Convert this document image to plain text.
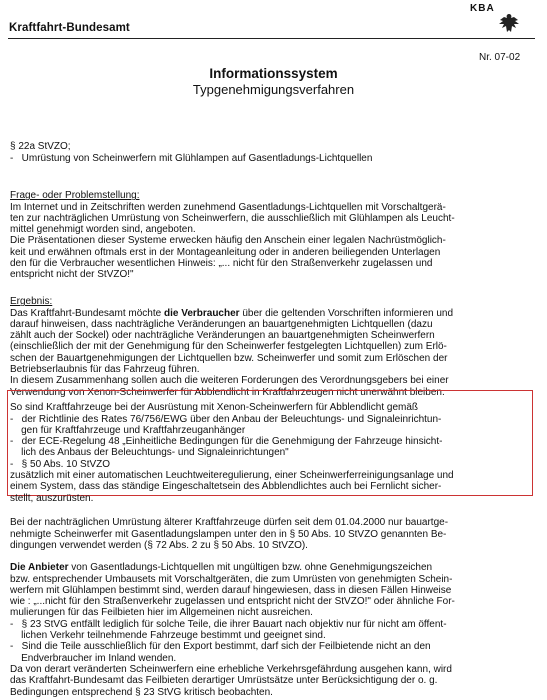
Kraftfahrt-Bundesamt
KBA
Nr. 07-02
Informationssystem
Typgenehmigungsverfahren

§ 22a StVZO;
-   Umrüstung von Scheinwerfern mit Glühlampen auf Gasentladungs-Lichtquellen

Frage- oder Problemstellung:
Im Internet und in Zeitschriften werden zunehmend Gasentladungs-Lichtquellen mit Vorschaltgerä-
ten zur nachträglichen Umrüstung von Scheinwerfern, die ausschließlich mit Glühlampen als Leucht-
mittel genehmigt worden sind, angeboten.
Die Präsentationen dieser Systeme erwecken häufig den Anschein einer legalen Nachrüstmöglich-
keit und erwähnen oftmals erst in der Montageanleitung oder in anderen beiliegenden Unterlagen
den für die Verbraucher wesentlichen Hinweis: „... nicht für den Straßenverkehr zugelassen und
entspricht nicht der StVZO!"

Ergebnis:
Das Kraftfahrt-Bundesamt möchte die Verbraucher über die geltenden Vorschriften informieren und
darauf hinweisen, dass nachträgliche Veränderungen an bauartgenehmigten Lichtquellen (dazu
zählt auch der Sockel) oder nachträgliche Veränderungen an bauartgenehmigten Scheinwerfern
(einschließlich der mit der Genehmigung für den Scheinwerfer festgelegten Lichtquellen) zum Erlö-
schen der Bauartgenehmigungen der Lichtquellen bzw. Scheinwerfer und somit zum Erlöschen der
Betriebserlaubnis für das Fahrzeug führen.
In diesem Zusammenhang sollen auch die weiteren Forderungen des Verordnungsgebers bei einer
Verwendung von Xenon-Scheinwerfer für Abblendlicht in Kraftfahrzeugen nicht unerwähnt bleiben.

So sind Kraftfahrzeuge bei der Ausrüstung mit Xenon-Scheinwerfern für Abblendlicht gemäß
-   der Richtlinie des Rates 76/756/EWG über den Anbau der Beleuchtungs- und Signaleinrichtun-
gen für Kraftfahrzeuge und Kraftfahrzeuganhänger
-   der ECE-Regelung 48 „Einheitliche Bedingungen für die Genehmigung der Fahrzeuge hinsicht-
lich des Anbaus der Beleuchtungs- und Signaleinrichtungen"
-   § 50 Abs. 10 StVZO
zusätzlich mit einer automatischen Leuchtweiteregulierung, einer Scheinwerferreinigungsanlage und
einem System, dass das ständige Eingeschaltetsein des Abblendlichtes auch bei Fernlicht sicher-
stellt, auszurüsten.

Bei der nachträglichen Umrüstung älterer Kraftfahrzeuge dürfen seit dem 01.04.2000 nur bauartge-
nehmigte Scheinwerfer mit Gasentladungslampen unter den in § 50 Abs. 10 StVZO genannten Be-
dingungen verwendet werden (§ 72 Abs. 2 zu § 50 Abs. 10 StVZO).

Die Anbieter von Gasentladungs-Lichtquellen mit ungültigen bzw. ohne Genehmigungszeichen
bzw. entsprechender Umbausets mit Vorschaltgeräten, die zum Umrüsten von genehmigten Schein-
werfern mit Glühlampen bestimmt sind, werden darauf hingewiesen, dass in diesen Fällen Hinweise
wie : „...nicht für den Straßenverkehr zugelassen und entspricht nicht der StVZO!" oder ähnliche For-
mulierungen für das Feilbieten hier im Allgemeinen nicht ausreichen.
-   § 23 StVG entfällt lediglich für solche Teile, die ihrer Bauart nach objektiv nur für nicht am öffent-
lichen Verkehr teilnehmende Fahrzeuge bestimmt und geeignet sind.
-   Sind die Teile ausschließlich für den Export bestimmt, darf sich der Feilbietende nicht an den
Endverbraucher im Inland wenden.
Da von derart veränderten Scheinwerfern eine erhebliche Verkehrsgefährdung ausgehen kann, wird
das Kraftfahrt-Bundesamt das Feilbieten derartiger Umrüstsätze unter Berücksichtigung der o. g.
Bedingungen entsprechend § 23 StVG kritisch beobachten.
